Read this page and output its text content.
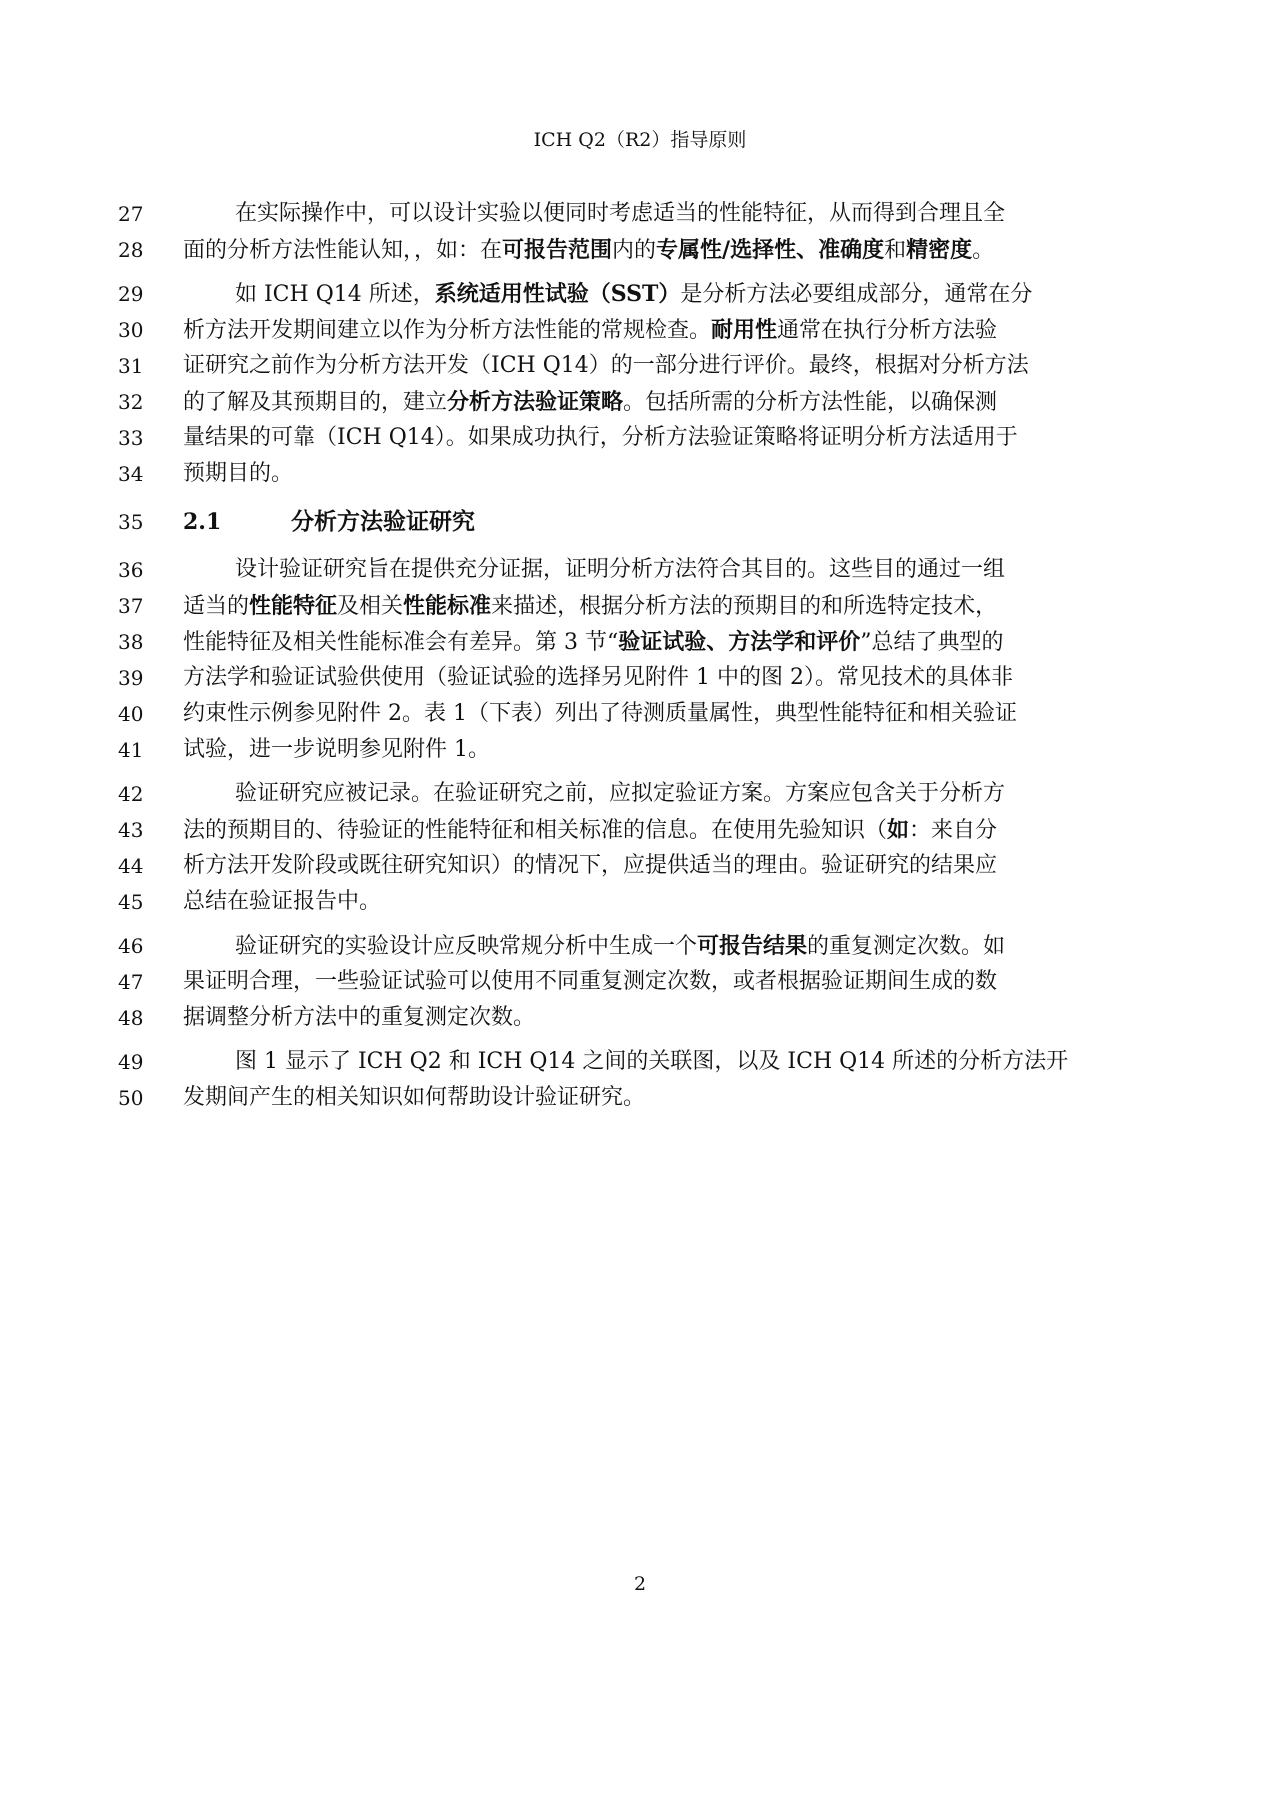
ICH Q2（R2）指导原则
27	在实际操作中，可以设计实验以便同时考虑适当的性能特征，从而得到合理且全
28	面的分析方法性能认知，，如：在可报告范围内的专属性/选择性、准确度和精密度。
29	如 ICH Q14 所述，系统适用性试验（SST）是分析方法必要组成部分，通常在分
30	析方法开发期间建立以作为分析方法性能的常规检查。耐用性通常在执行分析方法验
31	证研究之前作为分析方法开发（ICH Q14）的一部分进行评价。最终，根据对分析方法
32	的了解及其预期目的，建立分析方法验证策略。包括所需的分析方法性能，以确保测
33	量结果的可靠（ICH Q14）。如果成功执行，分析方法验证策略将证明分析方法适用于
34	预期目的。
35	2.1	分析方法验证研究
36	设计验证研究旨在提供充分证据，证明分析方法符合其目的。这些目的通过一组
37	适当的性能特征及相关性能标准来描述，根据分析方法的预期目的和所选特定技术，
38	性能特征及相关性能标准会有差异。第 3 节“验证试验、方法学和评价”总结了典型的
39	方法学和验证试验供使用（验证试验的选择另见附件 1 中的图 2）。常见技术的具体非
40	约束性示例参见附件 2。表 1（下表）列出了待测质量属性，典型性能特征和相关验证
41	试验，进一步说明参见附件 1。
42	验证研究应被记录。在验证研究之前，应拟定验证方案。方案应包含关于分析方
43	法的预期目的、待验证的性能特征和相关标准的信息。在使用先验知识（如：来自分
44	析方法开发阶段或既往研究知识）的情况下，应提供适当的理由。验证研究的结果应
45	总结在验证报告中。
46	验证研究的实验设计应反映常规分析中生成一个可报告结果的重复测定次数。如
47	果证明合理，一些验证试验可以使用不同重复测定次数，或者根据验证期间生成的数
48	据调整分析方法中的重复测定次数。
49	图 1 显示了 ICH Q2 和 ICH Q14 之间的关联图，以及 ICH Q14 所述的分析方法开
50	发期间产生的相关知识如何帮助设计验证研究。
2
